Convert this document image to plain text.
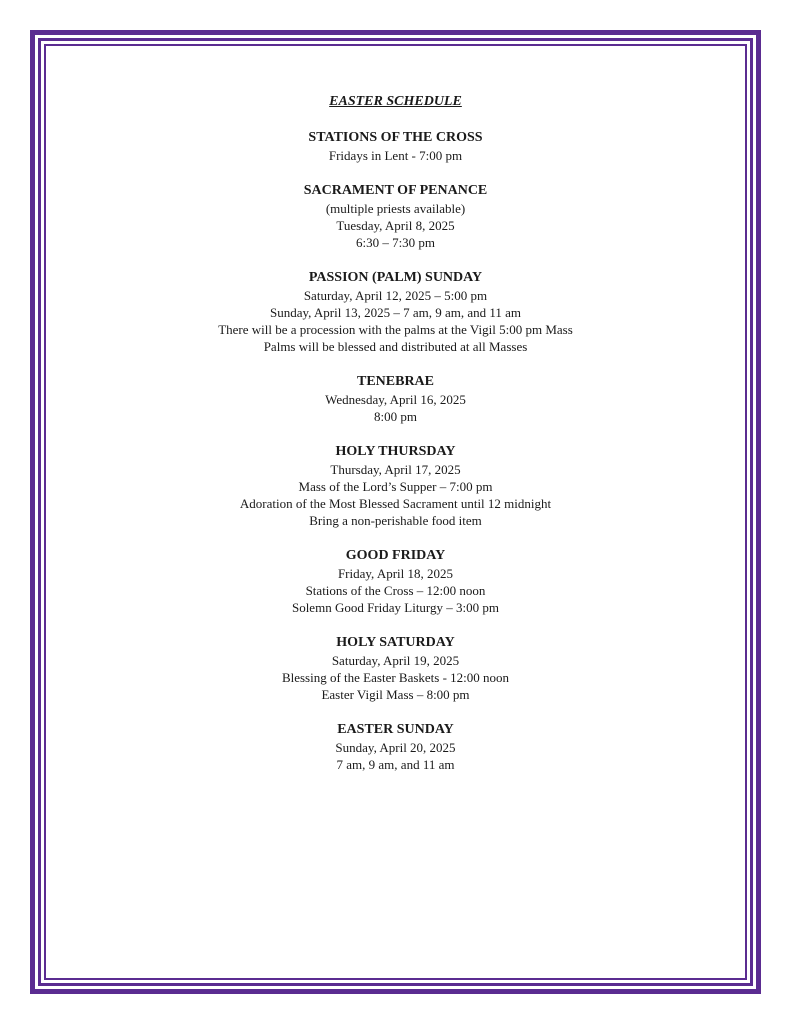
EASTER SCHEDULE
STATIONS OF THE CROSS
Fridays in Lent - 7:00 pm
SACRAMENT OF PENANCE
(multiple priests available)
Tuesday, April 8, 2025
6:30 – 7:30 pm
PASSION (PALM) SUNDAY
Saturday, April 12, 2025 – 5:00 pm
Sunday, April 13, 2025 – 7 am, 9 am, and 11 am
There will be a procession with the palms at the Vigil 5:00 pm Mass
Palms will be blessed and distributed at all Masses
TENEBRAE
Wednesday, April 16, 2025
8:00 pm
HOLY THURSDAY
Thursday, April 17, 2025
Mass of the Lord’s Supper – 7:00 pm
Adoration of the Most Blessed Sacrament until 12 midnight
Bring a non-perishable food item
GOOD FRIDAY
Friday, April 18, 2025
Stations of the Cross – 12:00 noon
Solemn Good Friday Liturgy – 3:00 pm
HOLY SATURDAY
Saturday, April 19, 2025
Blessing of the Easter Baskets - 12:00 noon
Easter Vigil Mass – 8:00 pm
EASTER SUNDAY
Sunday, April 20, 2025
7 am, 9 am, and 11 am
